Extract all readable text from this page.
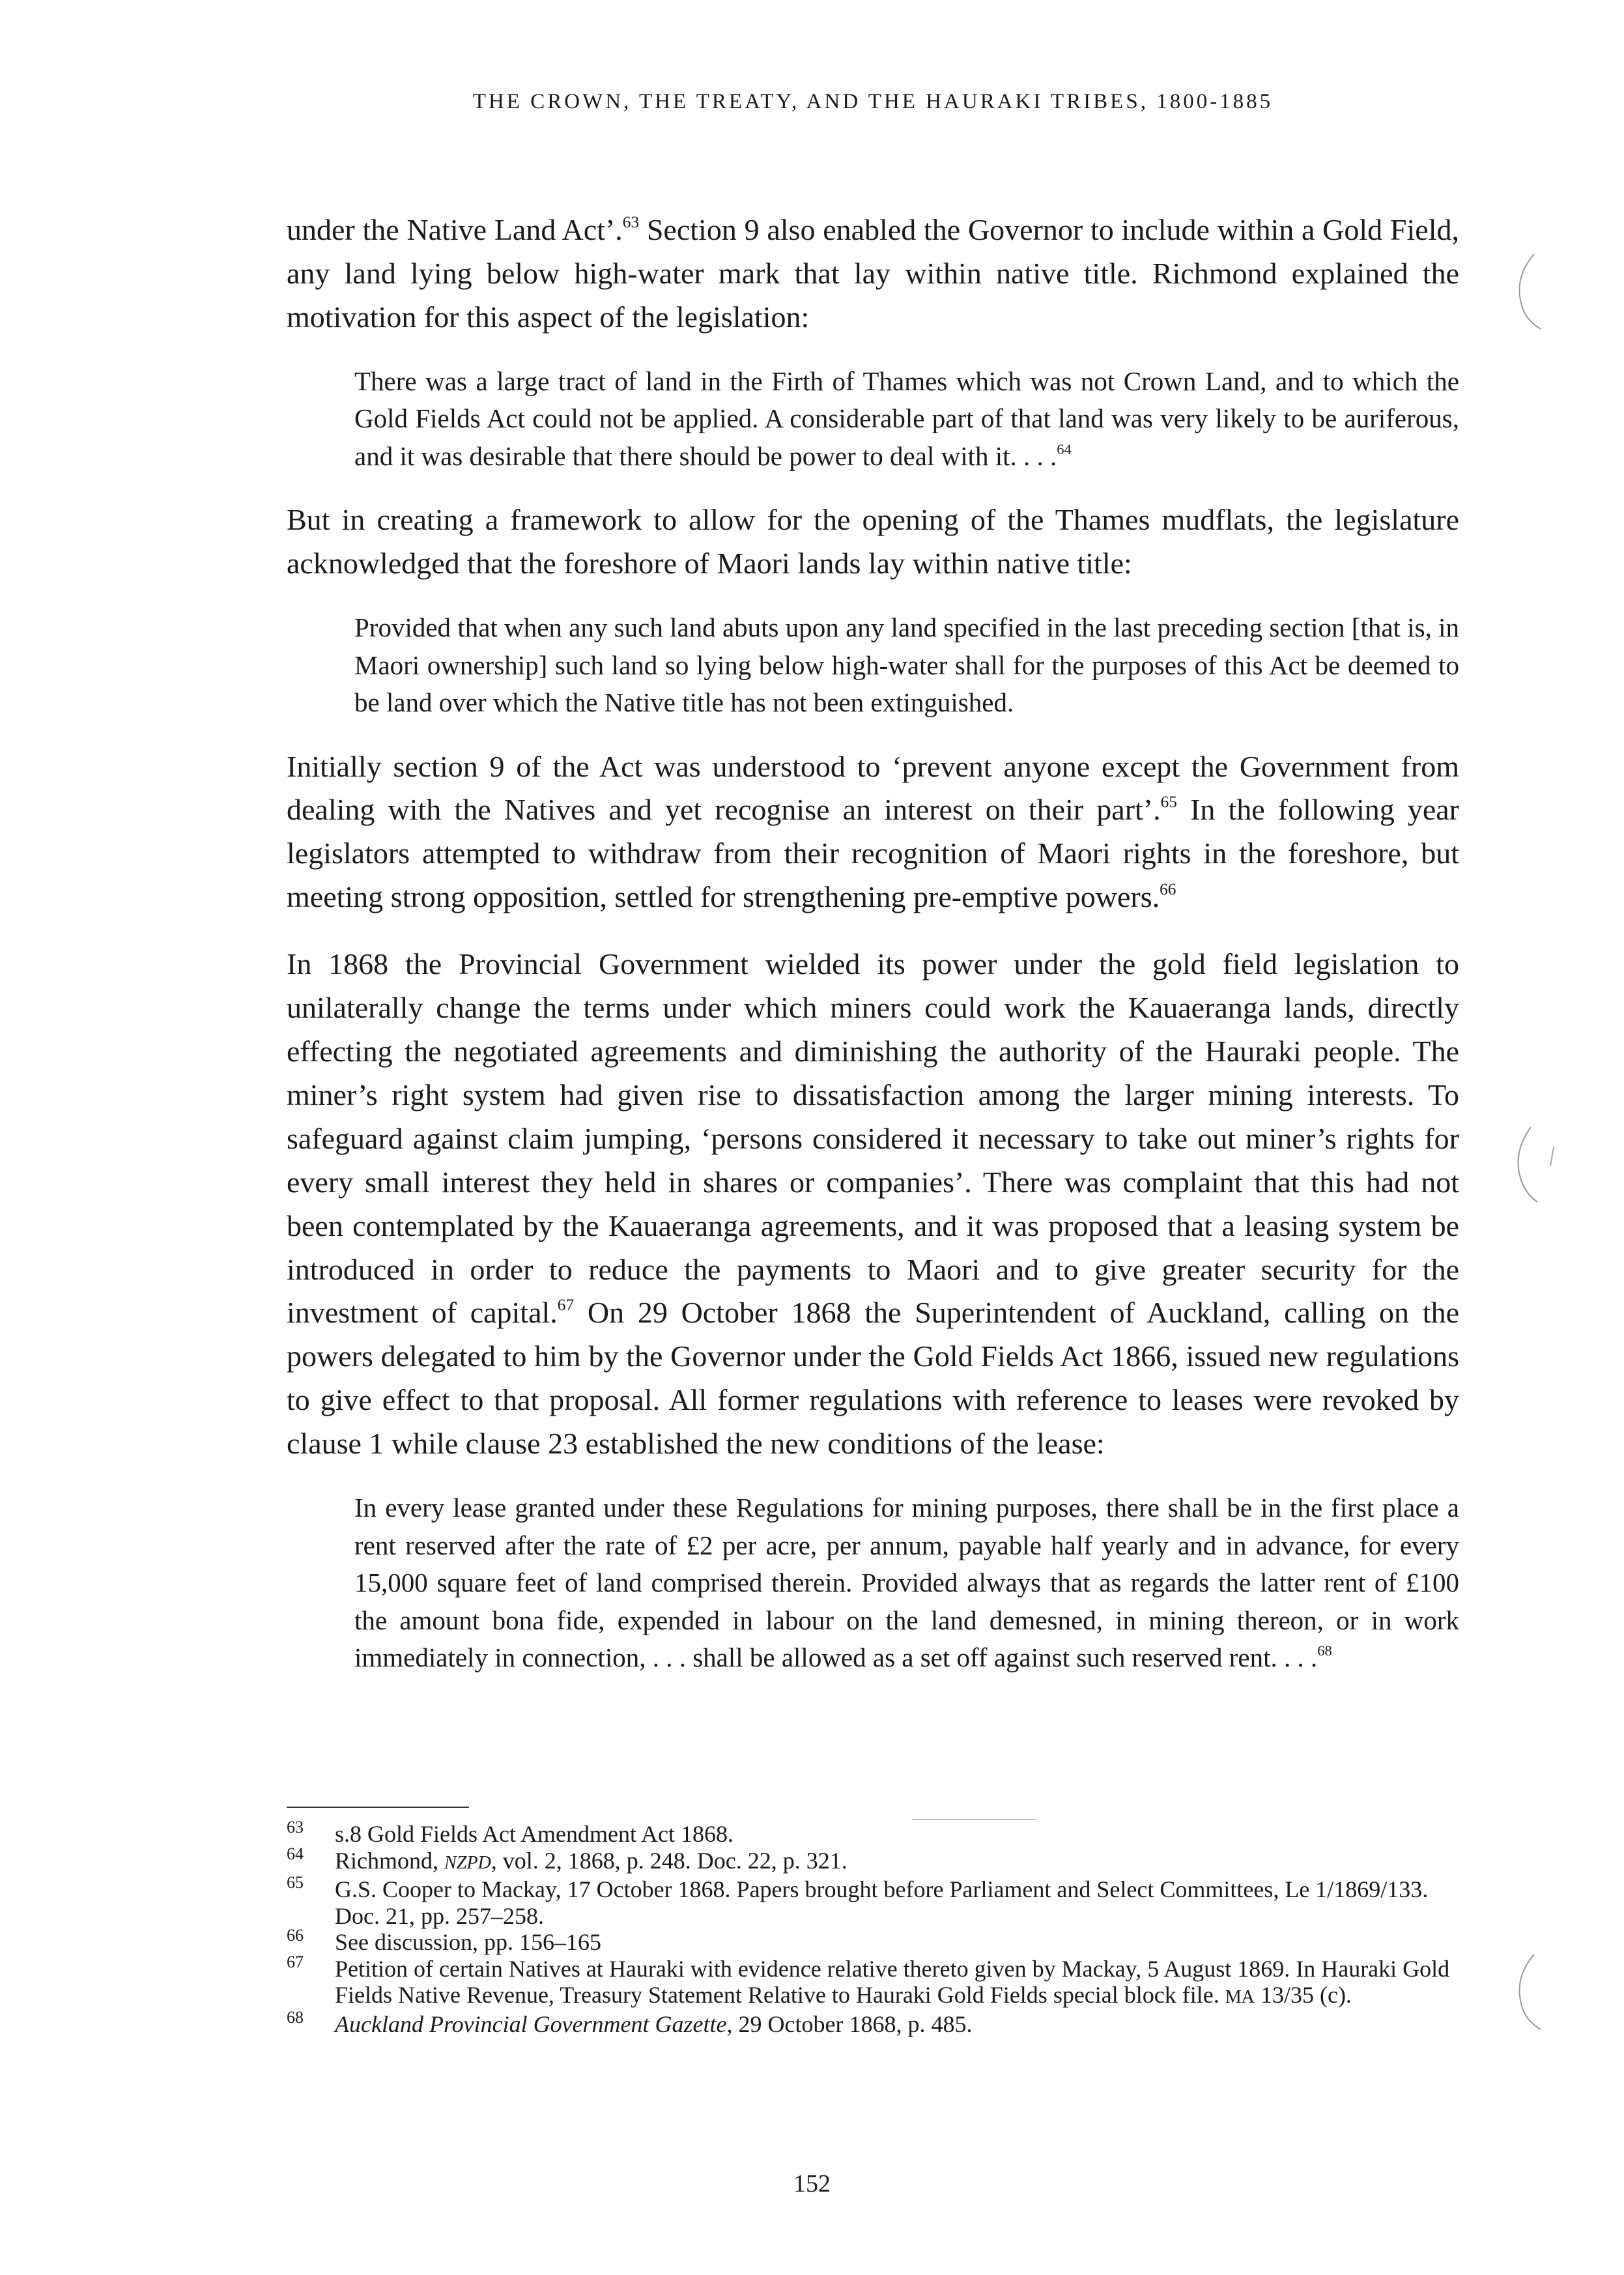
THE CROWN, THE TREATY, AND THE HAURAKI TRIBES, 1800-1885

under the Native Land Act’.$^{63}$ Section 9 also enabled the Governor to include within a Gold Field, any land lying below high-water mark that lay within native title. Richmond explained the motivation for this aspect of the legislation:

There was a large tract of land in the Firth of Thames which was not Crown Land, and to which the Gold Fields Act could not be applied. A considerable part of that land was very likely to be auriferous, and it was desirable that there should be power to deal with it. . . .$^{64}$

But in creating a framework to allow for the opening of the Thames mudflats, the legislature acknowledged that the foreshore of Maori lands lay within native title:

Provided that when any such land abuts upon any land specified in the last preceding section [that is, in Maori ownership] such land so lying below high-water shall for the purposes of this Act be deemed to be land over which the Native title has not been extinguished.

Initially section 9 of the Act was understood to ‘prevent anyone except the Government from dealing with the Natives and yet recognise an interest on their part’.$^{65}$ In the following year legislators attempted to withdraw from their recognition of Maori rights in the foreshore, but meeting strong opposition, settled for strengthening pre-emptive powers.$^{66}$

In 1868 the Provincial Government wielded its power under the gold field legislation to unilaterally change the terms under which miners could work the Kauaeranga lands, directly effecting the negotiated agreements and diminishing the authority of the Hauraki people. The miner’s right system had given rise to dissatisfaction among the larger mining interests. To safeguard against claim jumping, ‘persons considered it necessary to take out miner’s rights for every small interest they held in shares or companies’. There was complaint that this had not been contemplated by the Kauaeranga agreements, and it was proposed that a leasing system be introduced in order to reduce the payments to Maori and to give greater security for the investment of capital.$^{67}$ On 29 October 1868 the Superintendent of Auckland, calling on the powers delegated to him by the Governor under the Gold Fields Act 1866, issued new regulations to give effect to that proposal. All former regulations with reference to leases were revoked by clause 1 while clause 23 established the new conditions of the lease:

In every lease granted under these Regulations for mining purposes, there shall be in the first place a rent reserved after the rate of £2 per acre, per annum, payable half yearly and in advance, for every 15,000 square feet of land comprised therein. Provided always that as regards the latter rent of £100 the amount bona fide, expended in labour on the land demesned, in mining thereon, or in work immediately in connection, . . . shall be allowed as a set off against such reserved rent. . . .$^{68}$

63 s.8 Gold Fields Act Amendment Act 1868.
64 Richmond, NZPD, vol. 2, 1868, p. 248. Doc. 22, p. 321.
65 G.S. Cooper to Mackay, 17 October 1868. Papers brought before Parliament and Select Committees, Le 1/1869/133. Doc. 21, pp. 257–258.
66 See discussion, pp. 156–165
67 Petition of certain Natives at Hauraki with evidence relative thereto given by Mackay, 5 August 1869. In Hauraki Gold Fields Native Revenue, Treasury Statement Relative to Hauraki Gold Fields special block file. MA 13/35 (c).
68 Auckland Provincial Government Gazette, 29 October 1868, p. 485.
152
